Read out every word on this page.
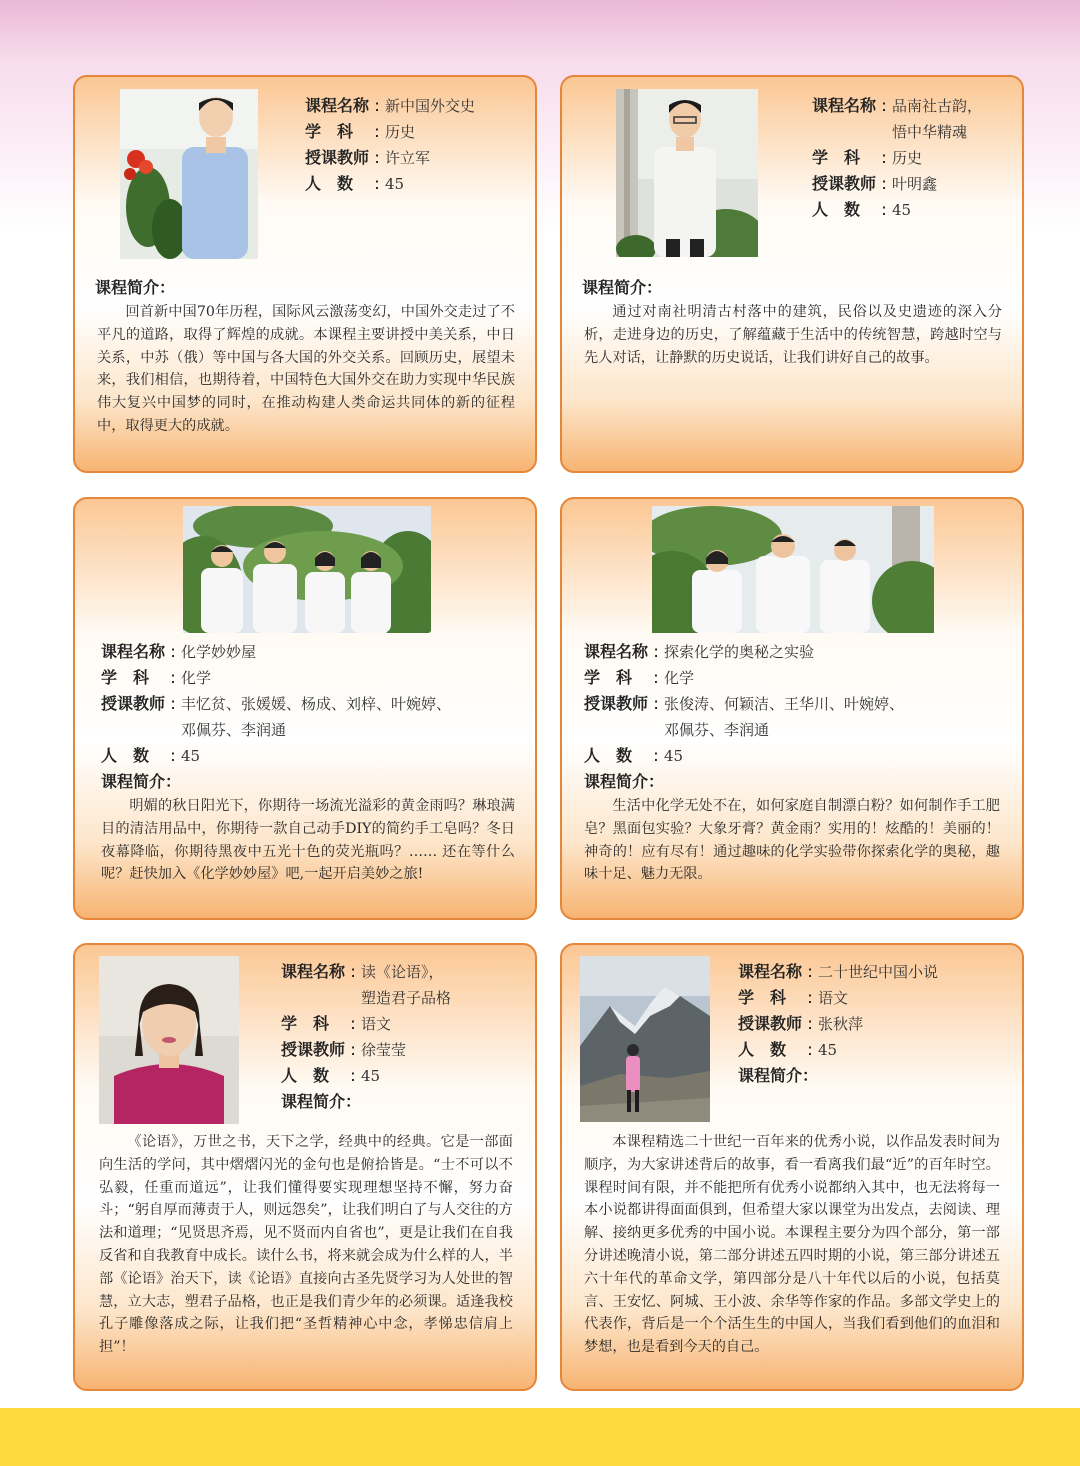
课程名称 : 新中国外交史
学　科	: 历史
授课教师 : 许立军
人　数	: 45
课程简介：

回首新中国70年历程，国际风云激荡变幻，中国外交走过了不平凡的道路，取得了辉煌的成就。本课程主要讲授中美关系，中日关系，中苏（俄）等中国与各大国的外交关系。回顾历史，展望未来，我们相信，也期待着，中国特色大国外交在助力实现中华民族伟大复兴中国梦的同时，在推动构建人类命运共同体的新的征程中，取得更大的成就。

课程名称 : 品南社古韵，
悟中华精魂
学　科	: 历史
授课教师 : 叶明鑫
人　数	: 45
课程简介：

通过对南社明清古村落中的建筑，民俗以及史遗迹的深入分析，走进身边的历史，了解蕴藏于生活中的传统智慧，跨越时空与先人对话，让静默的历史说话，让我们讲好自己的故事。

课程名称 : 化学妙妙屋
学　科	: 化学
授课教师 : 丰忆贫、张媛媛、杨成、刘梓、叶婉婷、
邓佩芬、李润通
人　数	: 45
课程简介：

明媚的秋日阳光下，你期待一场流光溢彩的黄金雨吗？琳琅满目的清洁用品中，你期待一款自己动手DIY的简约手工皂吗？冬日夜幕降临，你期待黑夜中五光十色的荧光瓶吗？…… 还在等什么呢？赶快加入《化学妙妙屋》吧,一起开启美妙之旅!

课程名称 : 探索化学的奥秘之实验
学　科	: 化学
授课教师 : 张俊涛、何颖洁、王华川、叶婉婷、
邓佩芬、李润通
人　数	: 45
课程简介：

生活中化学无处不在，如何家庭自制漂白粉？如何制作手工肥皂？黑面包实验？大象牙膏？黄金雨？实用的！炫酷的！美丽的！神奇的！应有尽有！通过趣味的化学实验带你探索化学的奥秘，趣味十足、魅力无限。

课程名称 : 读《论语》，
塑造君子品格
学　科	: 语文
授课教师 : 徐莹莹
人　数	: 45
课程简介：

《论语》，万世之书，天下之学，经典中的经典。它是一部面向生活的学问，其中熠熠闪光的金句也是俯拾皆是。“士不可以不弘毅，任重而道远”，让我们懂得要实现理想坚持不懈，努力奋斗；“躬自厚而薄责于人，则远怨矣”，让我们明白了与人交往的方法和道理；“见贤思齐焉，见不贤而内自省也”，更是让我们在自我反省和自我教育中成长。读什么书，将来就会成为什么样的人，半部《论语》治天下，读《论语》直接向古圣先贤学习为人处世的智慧，立大志，塑君子品格，也正是我们青少年的必须课。适逢我校孔子雕像落成之际，让我们把“圣哲精神心中念，孝悌忠信肩上担”！

课程名称 : 二十世纪中国小说
学　科	: 语文
授课教师 : 张秋萍
人　数	: 45
课程简介：

本课程精选二十世纪一百年来的优秀小说，以作品发表时间为顺序，为大家讲述背后的故事，看一看离我们最“近”的百年时空。课程时间有限，并不能把所有优秀小说都纳入其中，也无法将每一本小说都讲得面面俱到，但希望大家以课堂为出发点，去阅读、理解、接纳更多优秀的中国小说。本课程主要分为四个部分，第一部分讲述晚清小说，第二部分讲述五四时期的小说，第三部分讲述五六十年代的革命文学，第四部分是八十年代以后的小说，包括莫言、王安忆、阿城、王小波、余华等作家的作品。多部文学史上的代表作，背后是一个个活生生的中国人，当我们看到他们的血泪和梦想，也是看到今天的自己。
